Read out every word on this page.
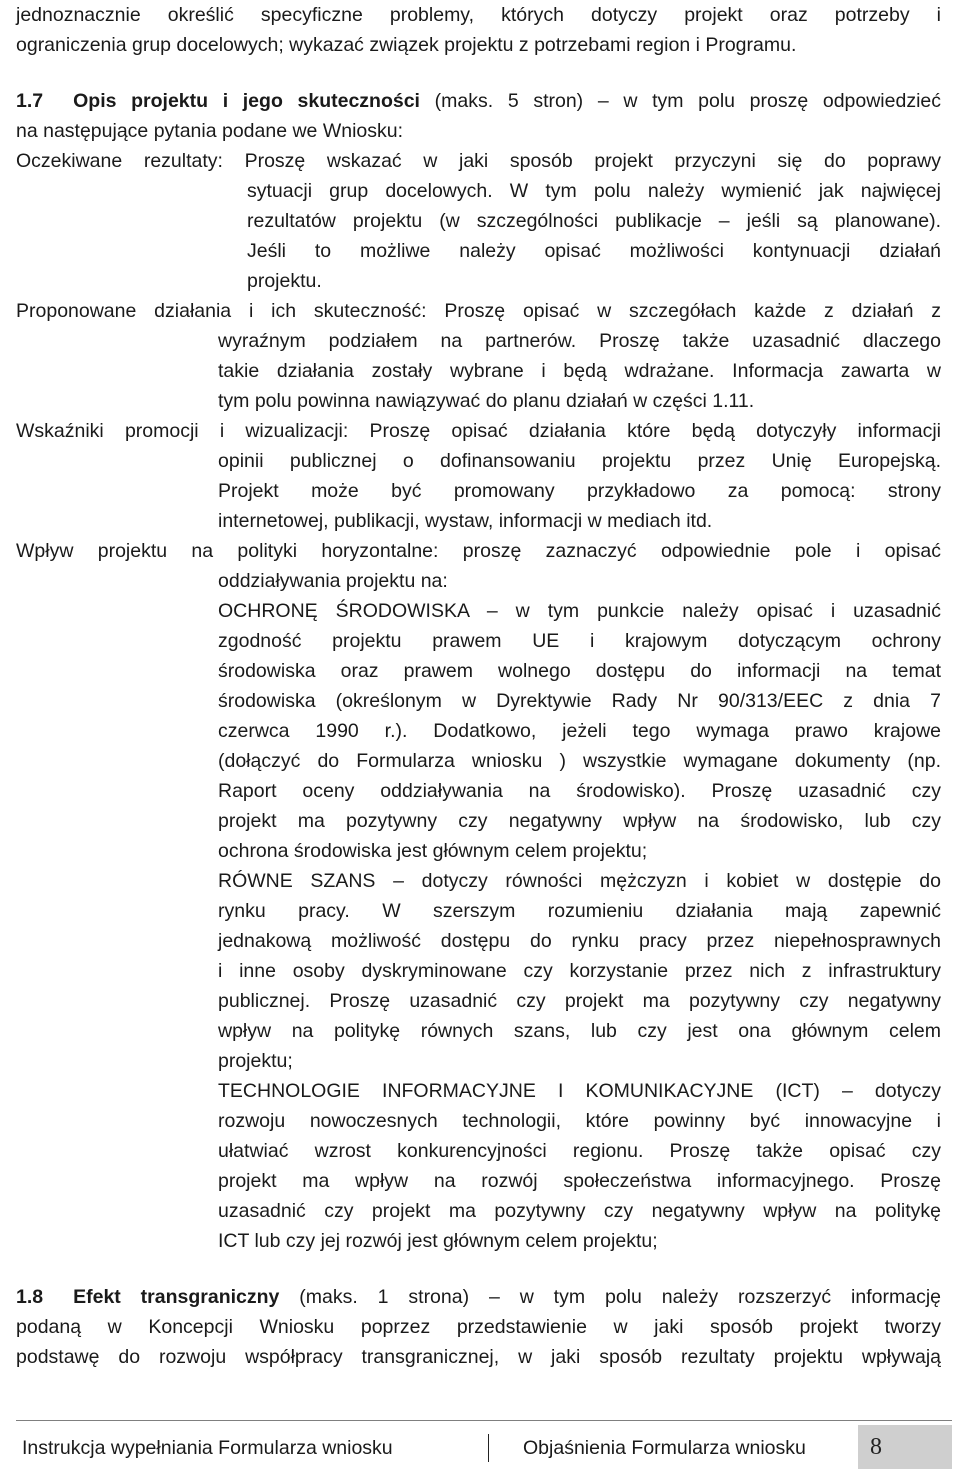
jednoznacznie określić specyficzne problemy, których dotyczy projekt oraz potrzeby i
ograniczenia grup docelowych; wykazać związek projektu z potrzebami region i Programu.
1.7 Opis projektu i jego skuteczności (maks. 5 stron) – w tym polu proszę odpowiedzieć
na następujące pytania podane we Wniosku:
Oczekiwane rezultaty: Proszę wskazać w jaki sposób projekt przyczyni się do poprawy
sytuacji grup docelowych. W tym polu należy wymienić jak najwięcej
rezultatów projektu (w szczególności publikacje – jeśli są planowane).
Jeśli to możliwe należy opisać możliwości kontynuacji działań
projektu.
Proponowane działania i ich skuteczność: Proszę opisać w szczegółach każde z działań z
wyraźnym podziałem na partnerów. Proszę także uzasadnić dlaczego
takie działania zostały wybrane i będą wdrażane. Informacja zawarta w
tym polu powinna nawiązywać do planu działań w części 1.11.
Wskaźniki promocji i wizualizacji: Proszę opisać działania które będą dotyczyły informacji
opinii publicznej o dofinansowaniu projektu przez Unię Europejską.
Projekt może być promowany przykładowo za pomocą: strony
internetowej, publikacji, wystaw, informacji w mediach itd.
Wpływ projektu na polityki horyzontalne: proszę zaznaczyć odpowiednie pole i opisać
oddziaływania projektu na:
OCHRONĘ ŚRODOWISKA – w tym punkcie należy opisać i uzasadnić
zgodność projektu prawem UE i krajowym dotyczącym ochrony
środowiska oraz prawem wolnego dostępu do informacji na temat
środowiska (określonym w Dyrektywie Rady Nr 90/313/EEC z dnia 7
czerwca 1990 r.). Dodatkowo, jeżeli tego wymaga prawo krajowe
(dołączyć do Formularza wniosku ) wszystkie wymagane dokumenty (np.
Raport oceny oddziaływania na środowisko). Proszę uzasadnić czy
projekt ma pozytywny czy negatywny wpływ na środowisko, lub czy
ochrona środowiska jest głównym celem projektu;
RÓWNE SZANS – dotyczy równości mężczyzn i kobiet w dostępie do
rynku pracy. W szerszym rozumieniu działania mają zapewnić
jednakową możliwość dostępu do rynku pracy przez niepełnosprawnych
i inne osoby dyskryminowane czy korzystanie przez nich z infrastruktury
publicznej. Proszę uzasadnić czy projekt ma pozytywny czy negatywny
wpływ na politykę równych szans, lub czy jest ona głównym celem
projektu;
TECHNOLOGIE INFORMACYJNE I KOMUNIKACYJNE (ICT) – dotyczy
rozwoju nowoczesnych technologii, które powinny być innowacyjne i
ułatwiać wzrost konkurencyjności regionu. Proszę także opisać czy
projekt ma wpływ na rozwój społeczeństwa informacyjnego. Proszę
uzasadnić czy projekt ma pozytywny czy negatywny wpływ na politykę
ICT lub czy jej rozwój jest głównym celem projektu;
1.8 Efekt transgraniczny (maks. 1 strona) – w tym polu należy rozszerzyć informację
podaną w Koncepcji Wniosku poprzez przedstawienie w jaki sposób projekt tworzy
podstawę do rozwoju współpracy transgranicznej, w jaki sposób rezultaty projektu wpływają
Instrukcja wypełniania Formularza wniosku	Objaśnienia Formularza wniosku	8
